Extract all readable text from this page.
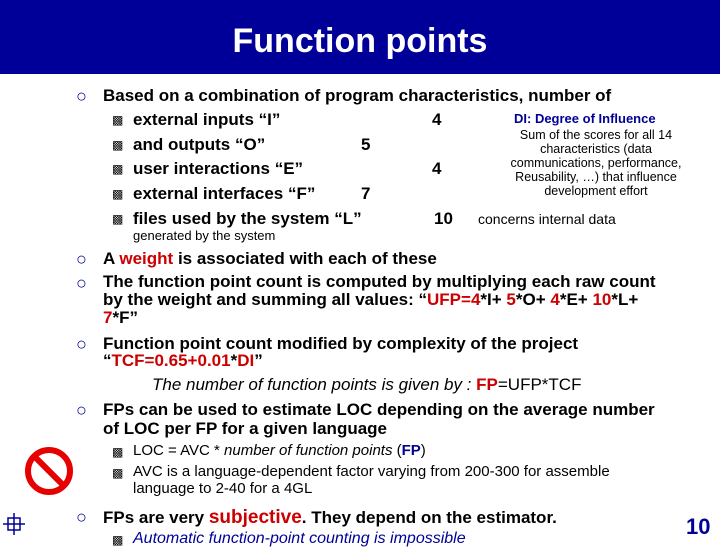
Function points
○ Based on a combination of program characteristics, number of
▩ external inputs “I”	4
▩ and outputs “O”	5
▩ user interactions “E”	4
▩ external interfaces “F”	7
▩ files used by the system “L”	10
generated by the system
DI: Degree of Influence
Sum of the scores for all 14
characteristics (data
communications, performance,
Reusability, …) that influence
development effort
concerns internal data
○ A weight is associated with each of these
○ The function point count is computed by multiplying each raw count
by the weight and summing all values: “UFP=4*I+ 5*O+ 4*E+ 10*L+
7*F”
○ Function point count modified by complexity of the project
“TCF=0.65+0.01*DI”
The number of function points is given by : FP=UFP*TCF
○ FPs can be used to estimate LOC depending on the average number
of LOC per FP for a given language
▩ LOC = AVC * number of function points (FP)
▩ AVC is a language-dependent factor varying from 200-300 for assemble
language to 2-40 for a 4GL
○ FPs are very subjective. They depend on the estimator.
▩ Automatic function-point counting is impossible	10
